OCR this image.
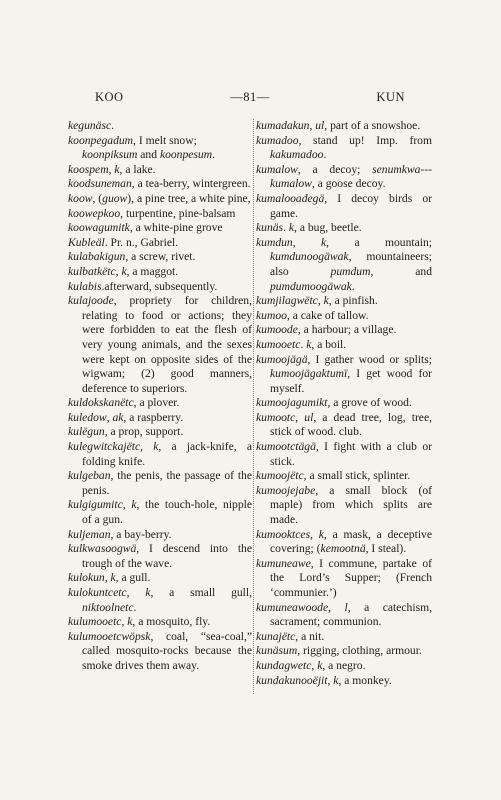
KOO	—81—	KUN

kegunäsc.

koonpegadum, I melt snow;

koonpiksum and koonpesum.

koospem, k, a lake.

koodsuneman, a tea-berry, wintergreen.

koow, (guow), a pine tree, a white pine,

koowepkoo, turpentine, pine-balsam

koowagumitk, a white-pine grove

Kubleäl. Pr. n., Gabriel.

kulabakigun, a screw, rivet.

kulbatkëtc, k, a maggot.

kulabis.afterward, subsequently.

kulajoode, propriety for children, relating to food or actions; they were forbidden to eat the flesh of very young animals, and the sexes were kept on opposite sides of the wigwam; (2) good manners, deference to superiors.

kuldokskanëtc, a plover.

kuledow, ak, a raspberry.

kulëgun, a prop, support.

kulegwitckajëtc, k, a jack-knife, a folding knife.

kulgeban, the penis, the passage of the penis.

kulgigumitc, k, the touch-hole, nipple of a gun.

kuljeman, a bay-berry.

kulkwasoogwä, I descend into the trough of the wave.

kulokun, k, a gull.

kulokuntcetc, k, a small gull, niktoolnetc.

kulumooetc, k, a mosquito, fly.

kulumooetcwöpsk, coal, “sea-coal,” called mosquito-rocks because the smoke drives them away.

kumadakun, ul, part of a snowshoe.

kumadoo, stand up! Imp. from kakumadoo.

kumalow, a decoy; senumkwa---kumalow, a goose decoy.

kumalooadegä, I decoy birds or game.

kunäs. k, a bug, beetle.

kumdun, k, a mountain; kumdunoogäwak, mountaineers; also pumdum, and pumdumoogäwak.

kumjilagwëtc, k, a pinfish.

kumoo, a cake of tallow.

kumoode, a harbour; a village.

kumooetc. k, a boil.

kumoojägä, I gather wood or splits; kumoojägaktumï, I get wood for myself.

kumoojagumikt, a grove of wood.

kumootc, ul, a dead tree, log, tree, stick of wood. club.

kumootctägä, I fight with a club or stick.

kumoojëtc, a small stick, splinter.

kumoojejabe, a small block (of maple) from which splits are made.

kumooktces, k, a mask, a deceptive covering; (kemootnä, I steal).

kumuneawe, I commune, partake of the Lord’s Supper; (French ‘communier.’)

kumuneawoode, l, a catechism, sacrament; communion.

kunajëtc, a nit.

kunäsum, rigging, clothing, armour.

kundagwetc, k, a negro.

kundakunooëjit, k, a monkey.
